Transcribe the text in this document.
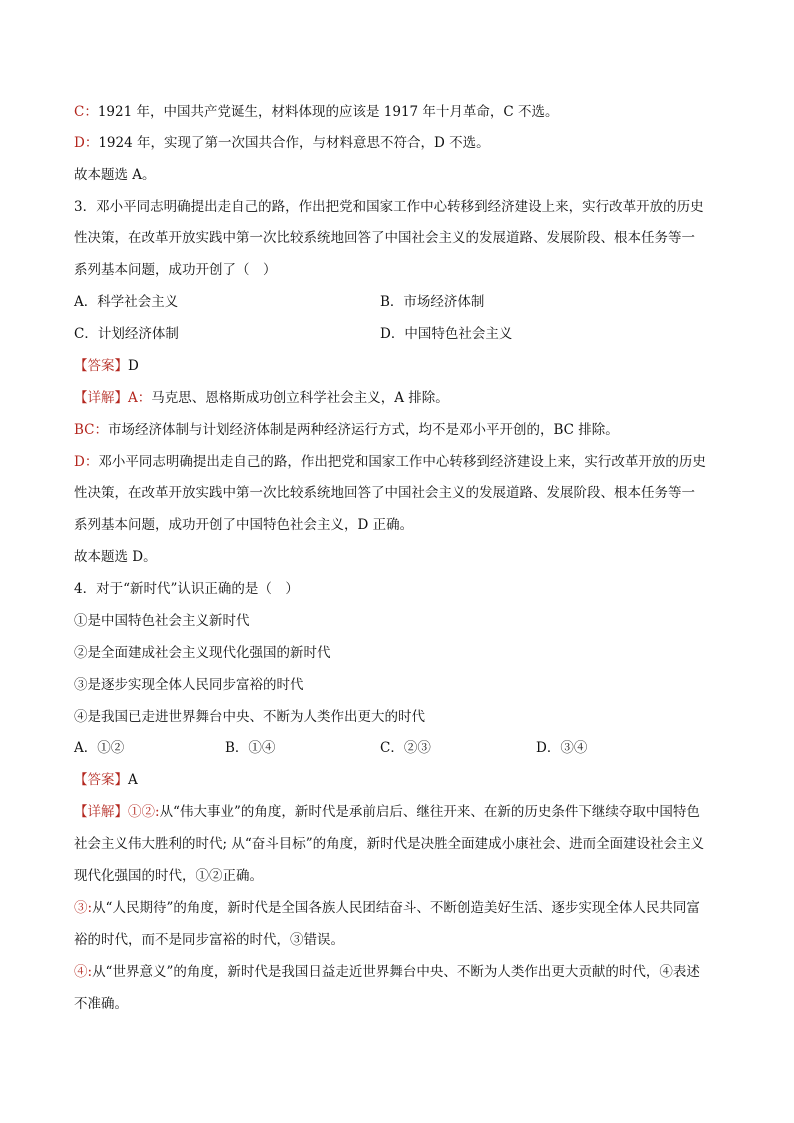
C：1921 年，中国共产党诞生，材料体现的应该是 1917 年十月革命，C 不选。
D：1924 年，实现了第一次国共合作，与材料意思不符合，D 不选。
故本题选 A。
3．邓小平同志明确提出走自己的路，作出把党和国家工作中心转移到经济建设上来，实行改革开放的历史
性决策，在改革开放实践中第一次比较系统地回答了中国社会主义的发展道路、发展阶段、根本任务等一
系列基本问题，成功开创了（　）
A．科学社会主义	B．市场经济体制
C．计划经济体制	D．中国特色社会主义
【答案】D
【详解】A：马克思、恩格斯成功创立科学社会主义，A 排除。
BC：市场经济体制与计划经济体制是两种经济运行方式，均不是邓小平开创的，BC 排除。
D：邓小平同志明确提出走自己的路，作出把党和国家工作中心转移到经济建设上来，实行改革开放的历史
性决策，在改革开放实践中第一次比较系统地回答了中国社会主义的发展道路、发展阶段、根本任务等一
系列基本问题，成功开创了中国特色社会主义，D 正确。
故本题选 D。
4．对于“新时代”认识正确的是（　）
①是中国特色社会主义新时代
②是全面建成社会主义现代化强国的新时代
③是逐步实现全体人民同步富裕的时代
④是我国已走进世界舞台中央、不断为人类作出更大的时代
A．①②	B．①④	C．②③	D．③④
【答案】A
【详解】①②:从“伟大事业”的角度，新时代是承前启后、继往开来、在新的历史条件下继续夺取中国特色
社会主义伟大胜利的时代; 从“奋斗目标”的角度，新时代是决胜全面建成小康社会、进而全面建设社会主义
现代化强国的时代，①②正确。
③:从“人民期待”的角度，新时代是全国各族人民团结奋斗、不断创造美好生活、逐步实现全体人民共同富
裕的时代，而不是同步富裕的时代，③错误。
④:从“世界意义”的角度，新时代是我国日益走近世界舞台中央、不断为人类作出更大贡献的时代，④表述
不准确。
